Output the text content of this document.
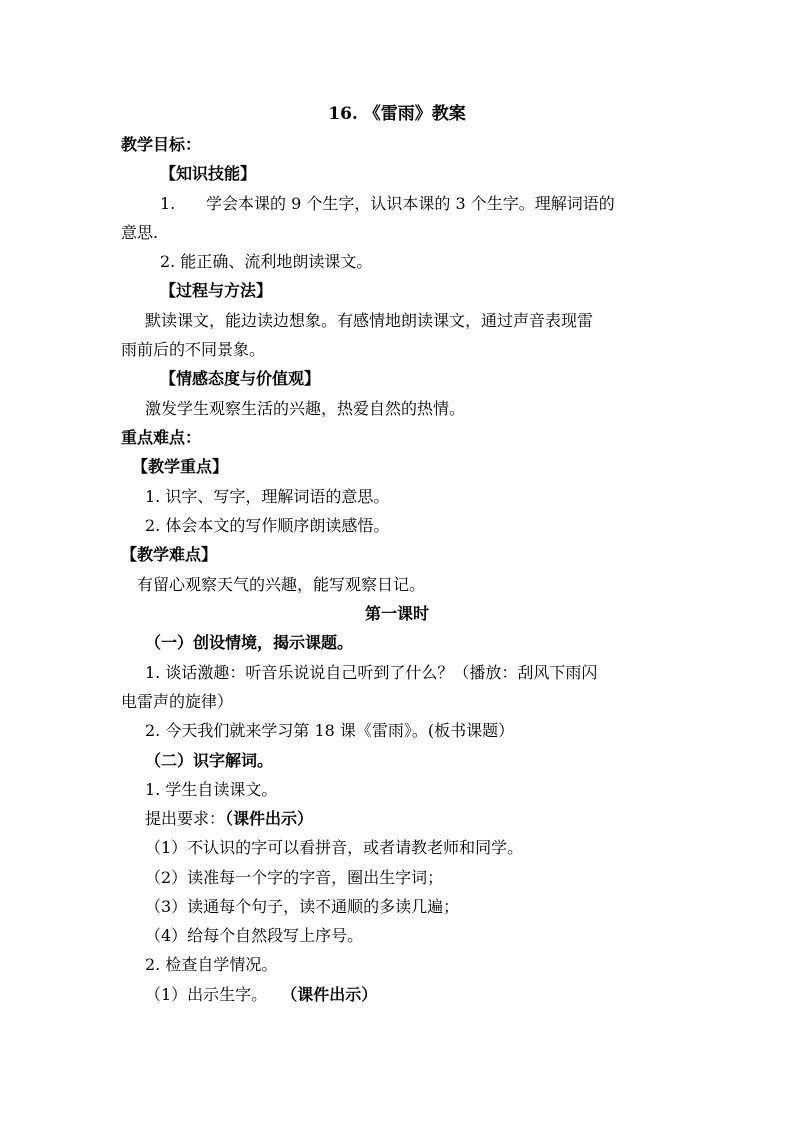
16. 《雷雨》教案
教学目标：
【知识技能】
1. 学会本课的 9 个生字，认识本课的 3 个生字。理解词语的
意思.
2. 能正确、流利地朗读课文。
【过程与方法】
默读课文，能边读边想象。有感情地朗读课文，通过声音表现雷
雨前后的不同景象。
【情感态度与价值观】
激发学生观察生活的兴趣，热爱自然的热情。
重点难点：
【教学重点】
1. 识字、写字，理解词语的意思。
2. 体会本文的写作顺序朗读感悟。
【教学难点】
有留心观察天气的兴趣，能写观察日记。
第一课时
（一）创设情境，揭示课题。
1. 谈话激趣：听音乐说说自己听到了什么？（播放：刮风下雨闪
电雷声的旋律）
2. 今天我们就来学习第 18 课《雷雨》。(板书课题）
（二）识字解词。
1. 学生自读课文。
提出要求：（课件出示）
（1）不认识的字可以看拼音，或者请教老师和同学。
（2）读准每一个字的字音，圈出生字词；
（3）读通每个句子，读不通顺的多读几遍；
（4）给每个自然段写上序号。
2. 检查自学情况。
（1）出示生字。 （课件出示）
